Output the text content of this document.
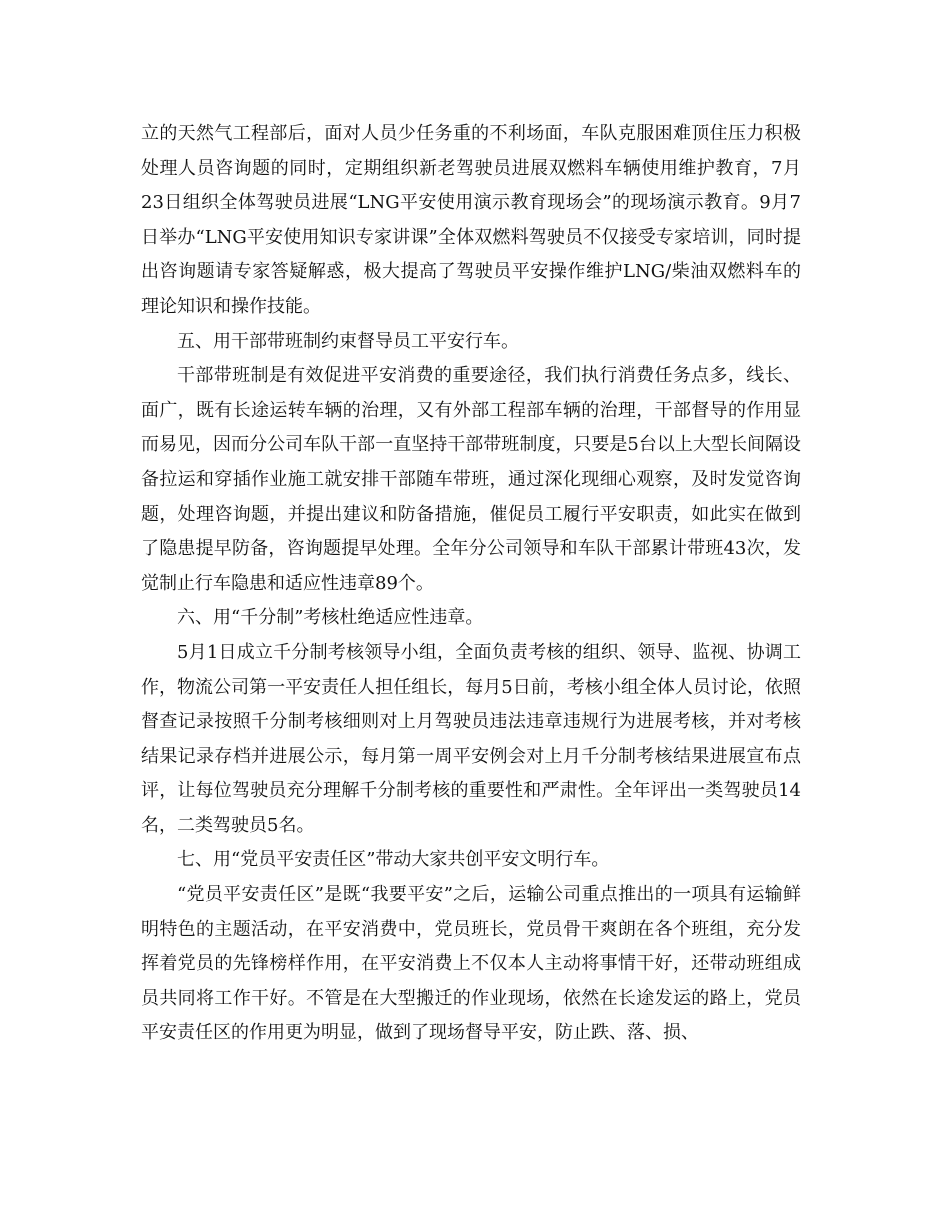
立的天然气工程部后，面对人员少任务重的不利场面，车队克服困难顶住压力积极处理人员咨询题的同时，定期组织新老驾驶员进展双燃料车辆使用维护教育，7月23日组织全体驾驶员进展“LNG平安使用演示教育现场会”的现场演示教育。9月7日举办“LNG平安使用知识专家讲课”全体双燃料驾驶员不仅接受专家培训，同时提出咨询题请专家答疑解惑，极大提高了驾驶员平安操作维护LNG/柴油双燃料车的理论知识和操作技能。

五、用干部带班制约束督导员工平安行车。

干部带班制是有效促进平安消费的重要途径，我们执行消费任务点多，线长、面广，既有长途运转车辆的治理，又有外部工程部车辆的治理，干部督导的作用显而易见，因而分公司车队干部一直坚持干部带班制度，只要是5台以上大型长间隔设备拉运和穿插作业施工就安排干部随车带班，通过深化现细心观察，及时发觉咨询题，处理咨询题，并提出建议和防备措施，催促员工履行平安职责，如此实在做到了隐患提早防备，咨询题提早处理。全年分公司领导和车队干部累计带班43次，发觉制止行车隐患和适应性违章89个。

六、用“千分制”考核杜绝适应性违章。

5月1日成立千分制考核领导小组，全面负责考核的组织、领导、监视、协调工作，物流公司第一平安责任人担任组长，每月5日前，考核小组全体人员讨论，依照督查记录按照千分制考核细则对上月驾驶员违法违章违规行为进展考核，并对考核结果记录存档并进展公示，每月第一周平安例会对上月千分制考核结果进展宣布点评，让每位驾驶员充分理解千分制考核的重要性和严肃性。全年评出一类驾驶员14名，二类驾驶员5名。

七、用“党员平安责任区”带动大家共创平安文明行车。

“党员平安责任区”是既“我要平安”之后，运输公司重点推出的一项具有运输鲜明特色的主题活动，在平安消费中，党员班长，党员骨干爽朗在各个班组，充分发挥着党员的先锋榜样作用，在平安消费上不仅本人主动将事情干好，还带动班组成员共同将工作干好。不管是在大型搬迁的作业现场，依然在长途发运的路上，党员平安责任区的作用更为明显，做到了现场督导平安，防止跌、落、损、
